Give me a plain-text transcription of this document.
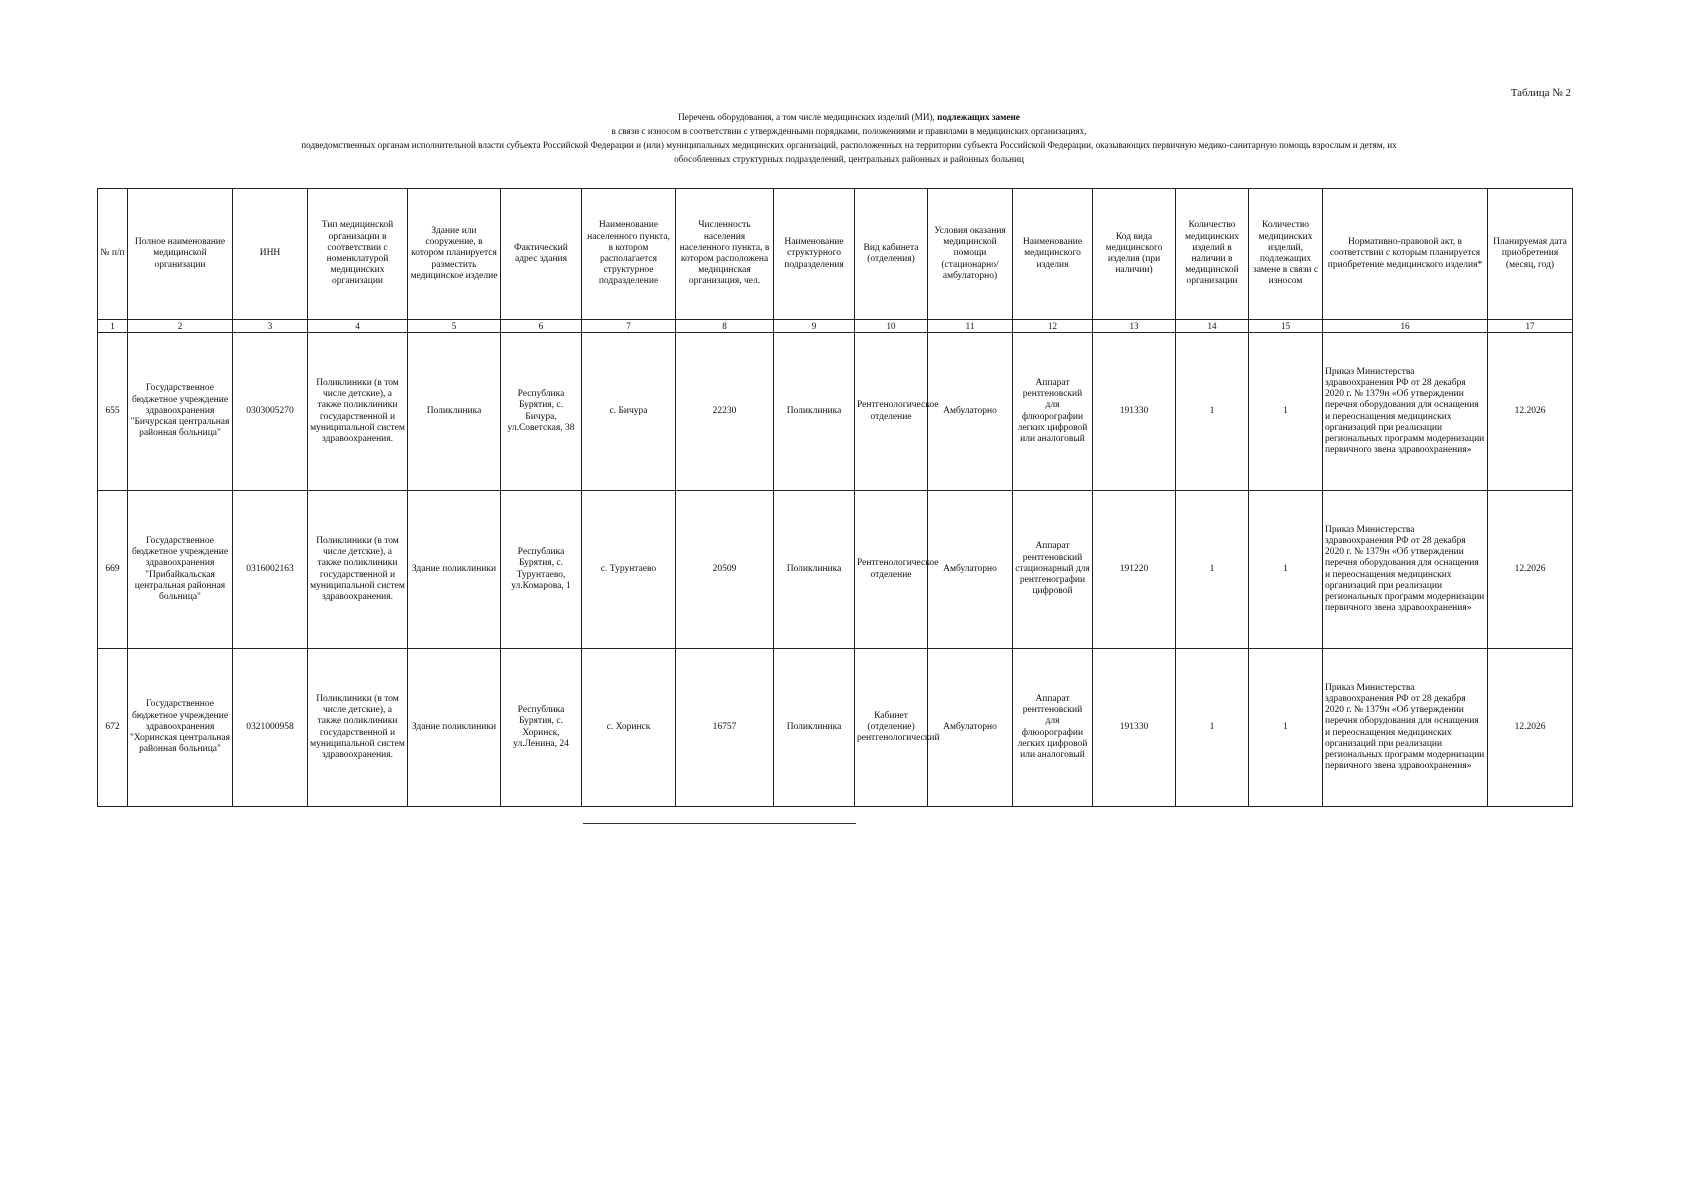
Таблица № 2
Перечень оборудования, а том числе медицинских изделий (МИ), подлежащих замене
в связи с износом в соответствии с утвержденными порядками, положениями и правилами в медицинских организациях,
подведомственных органам исполнительной власти субъекта Российской Федерации и (или) муниципальных медицинских организаций, расположенных на территории субъекта Российской Федерации, оказывающих первичную медико-санитарную помощь взрослым и детям, их
обособленных структурных подразделений, центральных районных и районных больниц
№ п/п	Полное наименование медицинской организации	ИНН	Тип медицинской организации в соответствии с номенклатурой медицинских организации	Здание или сооружение, в котором планируется разместить медицинское изделие	Фактический адрес здания	Наименование населенного пункта, в котором располагается структурное подразделение	Численность населения населенного пункта, в котором расположена медицинская организация, чел.	Наименование структурного подразделения	Вид кабинета (отделения)	Условия оказания медицинской помощи (стационарно/амбулаторно)	Наименование медицинского изделия	Код вида медицинского изделия (при наличии)	Количество медицинских изделий в наличии в медицинской организации	Количество медицинских изделий, подлежащих замене в связи с износом	Нормативно-правовой акт, в соответствии с которым планируется приобретение медицинского изделия*	Планируемая дата приобретения (месяц, год)
1	2	3	4	5	6	7	8	9	10	11	12	13	14	15	16	17
655	Государственное бюджетное учреждение здравоохранения "Бичурская центральная районная больница"	0303005270	Поликлиники (в том числе детские), а также поликлиники государственной и муниципальной систем здравоохранения.	Поликлиника	Республика Бурятия, с. Бичура, ул.Советская, 38	с. Бичура	22230	Поликлиника	Рентгенологическое отделение	Амбулаторно	Аппарат рентгеновский для флюорографии легких цифровой или аналоговый	191330	1	1	Приказ Министерства здравоохранения РФ от 28 декабря 2020 г. № 1379н «Об утверждении перечня оборудования для оснащения и переоснащения медицинских организаций при реализации региональных программ модернизации первичного звена здравоохранения»	12.2026
669	Государственное бюджетное учреждение здравоохранения "Прибайкальская центральная районная больница"	0316002163	Поликлиники (в том числе детские), а также поликлиники государственной и муниципальной систем здравоохранения.	Здание поликлиники	Республика Бурятия, с. Турунтаево, ул.Комарова, 1	с. Турунтаево	20509	Поликлиника	Рентгенологическое отделение	Амбулаторно	Аппарат рентгеновский стационарный для рентгенографии цифровой	191220	1	1	Приказ Министерства здравоохранения РФ от 28 декабря 2020 г. № 1379н «Об утверждении перечня оборудования для оснащения и переоснащения медицинских организаций при реализации региональных программ модернизации первичного звена здравоохранения»	12.2026
672	Государственное бюджетное учреждение здравоохранения "Хоринская центральная районная больница"	0321000958	Поликлиники (в том числе детские), а также поликлиники государственной и муниципальной систем здравоохранения.	Здание поликлиники	Республика Бурятия, с. Хоринск, ул.Ленина, 24	с. Хоринск	16757	Поликлиника	Кабинет (отделение) рентгенологический	Амбулаторно	Аппарат рентгеновский для флюорографии легких цифровой или аналоговый	191330	1	1	Приказ Министерства здравоохранения РФ от 28 декабря 2020 г. № 1379н «Об утверждении перечня оборудования для оснащения и переоснащения медицинских организаций при реализации региональных программ модернизации первичного звена здравоохранения»	12.2026
